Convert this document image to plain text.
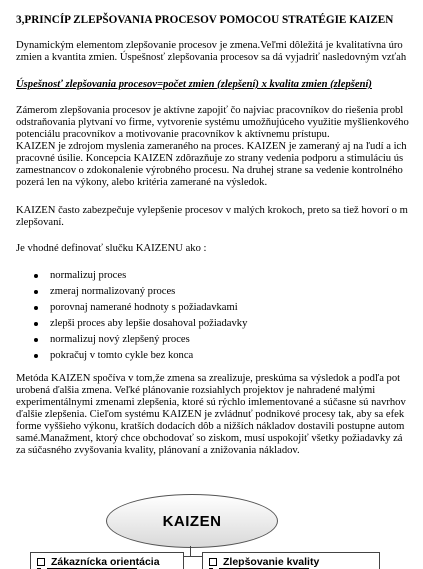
3,PRINCÍP ZLEPŠOVANIA PROCESOV POMOCOU STRATÉGIE KAIZEN
Dynamickým elementom zlepšovanie procesov je zmena.Veľmi dôležitá je kvalitatívna úro
zmien a kvantita zmien. Úspešnosť zlepšovania procesov sa dá vyjadriť nasledovným vzťah
Úspešnosť zlepšovania procesov=počet zmien (zlepšení) x kvalita zmien (zlepšení)
Zámerom zlepšovania procesov je aktívne zapojiť čo najviac pracovníkov do riešenia probl
odstraňovania plytvaní vo firme, vytvorenie systému umožňujúceho využitie myšlienkového
potenciálu pracovníkov a motivovanie pracovníkov k aktívnemu prístupu.
KAIZEN je zdrojom myslenia zameraného na proces. KAIZEN je zameraný aj na ľudí a ich
pracovné úsilie. Koncepcia KAIZEN zdôrazňuje zo strany vedenia podporu a stimuláciu ús
zamestnancov o zdokonalenie výrobného procesu. Na druhej strane sa vedenie kontrolného
pozerá len na výkony, alebo kritéria zamerané na výsledok.
KAIZEN často zabezpečuje vylepšenie procesov v malých krokoch, preto sa tiež hovorí o m
zlepšovaní.
Je vhodné definovať slučku KAIZENU ako :
normalizuj proces
zmeraj normalizovaný proces
porovnaj namerané hodnoty s požiadavkami
zlepši proces aby lepšie dosahoval požiadavky
normalizuj nový zlepšený proces
pokračuj v tomto cykle bez konca
Metóda KAIZEN spočíva v tom,že zmena sa zrealizuje, preskúma sa výsledok a podľa pot
urobená ďalšia zmena. Veľké plánovanie rozsiahlych projektov je nahradené malými
experimentálnymi zmenami zlepšenia, ktoré sú rýchlo imlementované a súčasne sú navrhov
ďalšie zlepšenia. Cieľom systému KAIZEN je zvládnuť podnikové procesy tak, aby sa efek
forme vyššieho výkonu, kratších dodacích dôb a nižších nákladov dostavili postupne autom
samé.Manažment, ktorý chce obchodovať so ziskom, musí uspokojiť všetky požiadavky zá
za súčasného zvyšovania kvality, plánovaní a znižovania nákladov.
KAIZEN
Zákaznícka orientácia	Zlepšovanie kvality
